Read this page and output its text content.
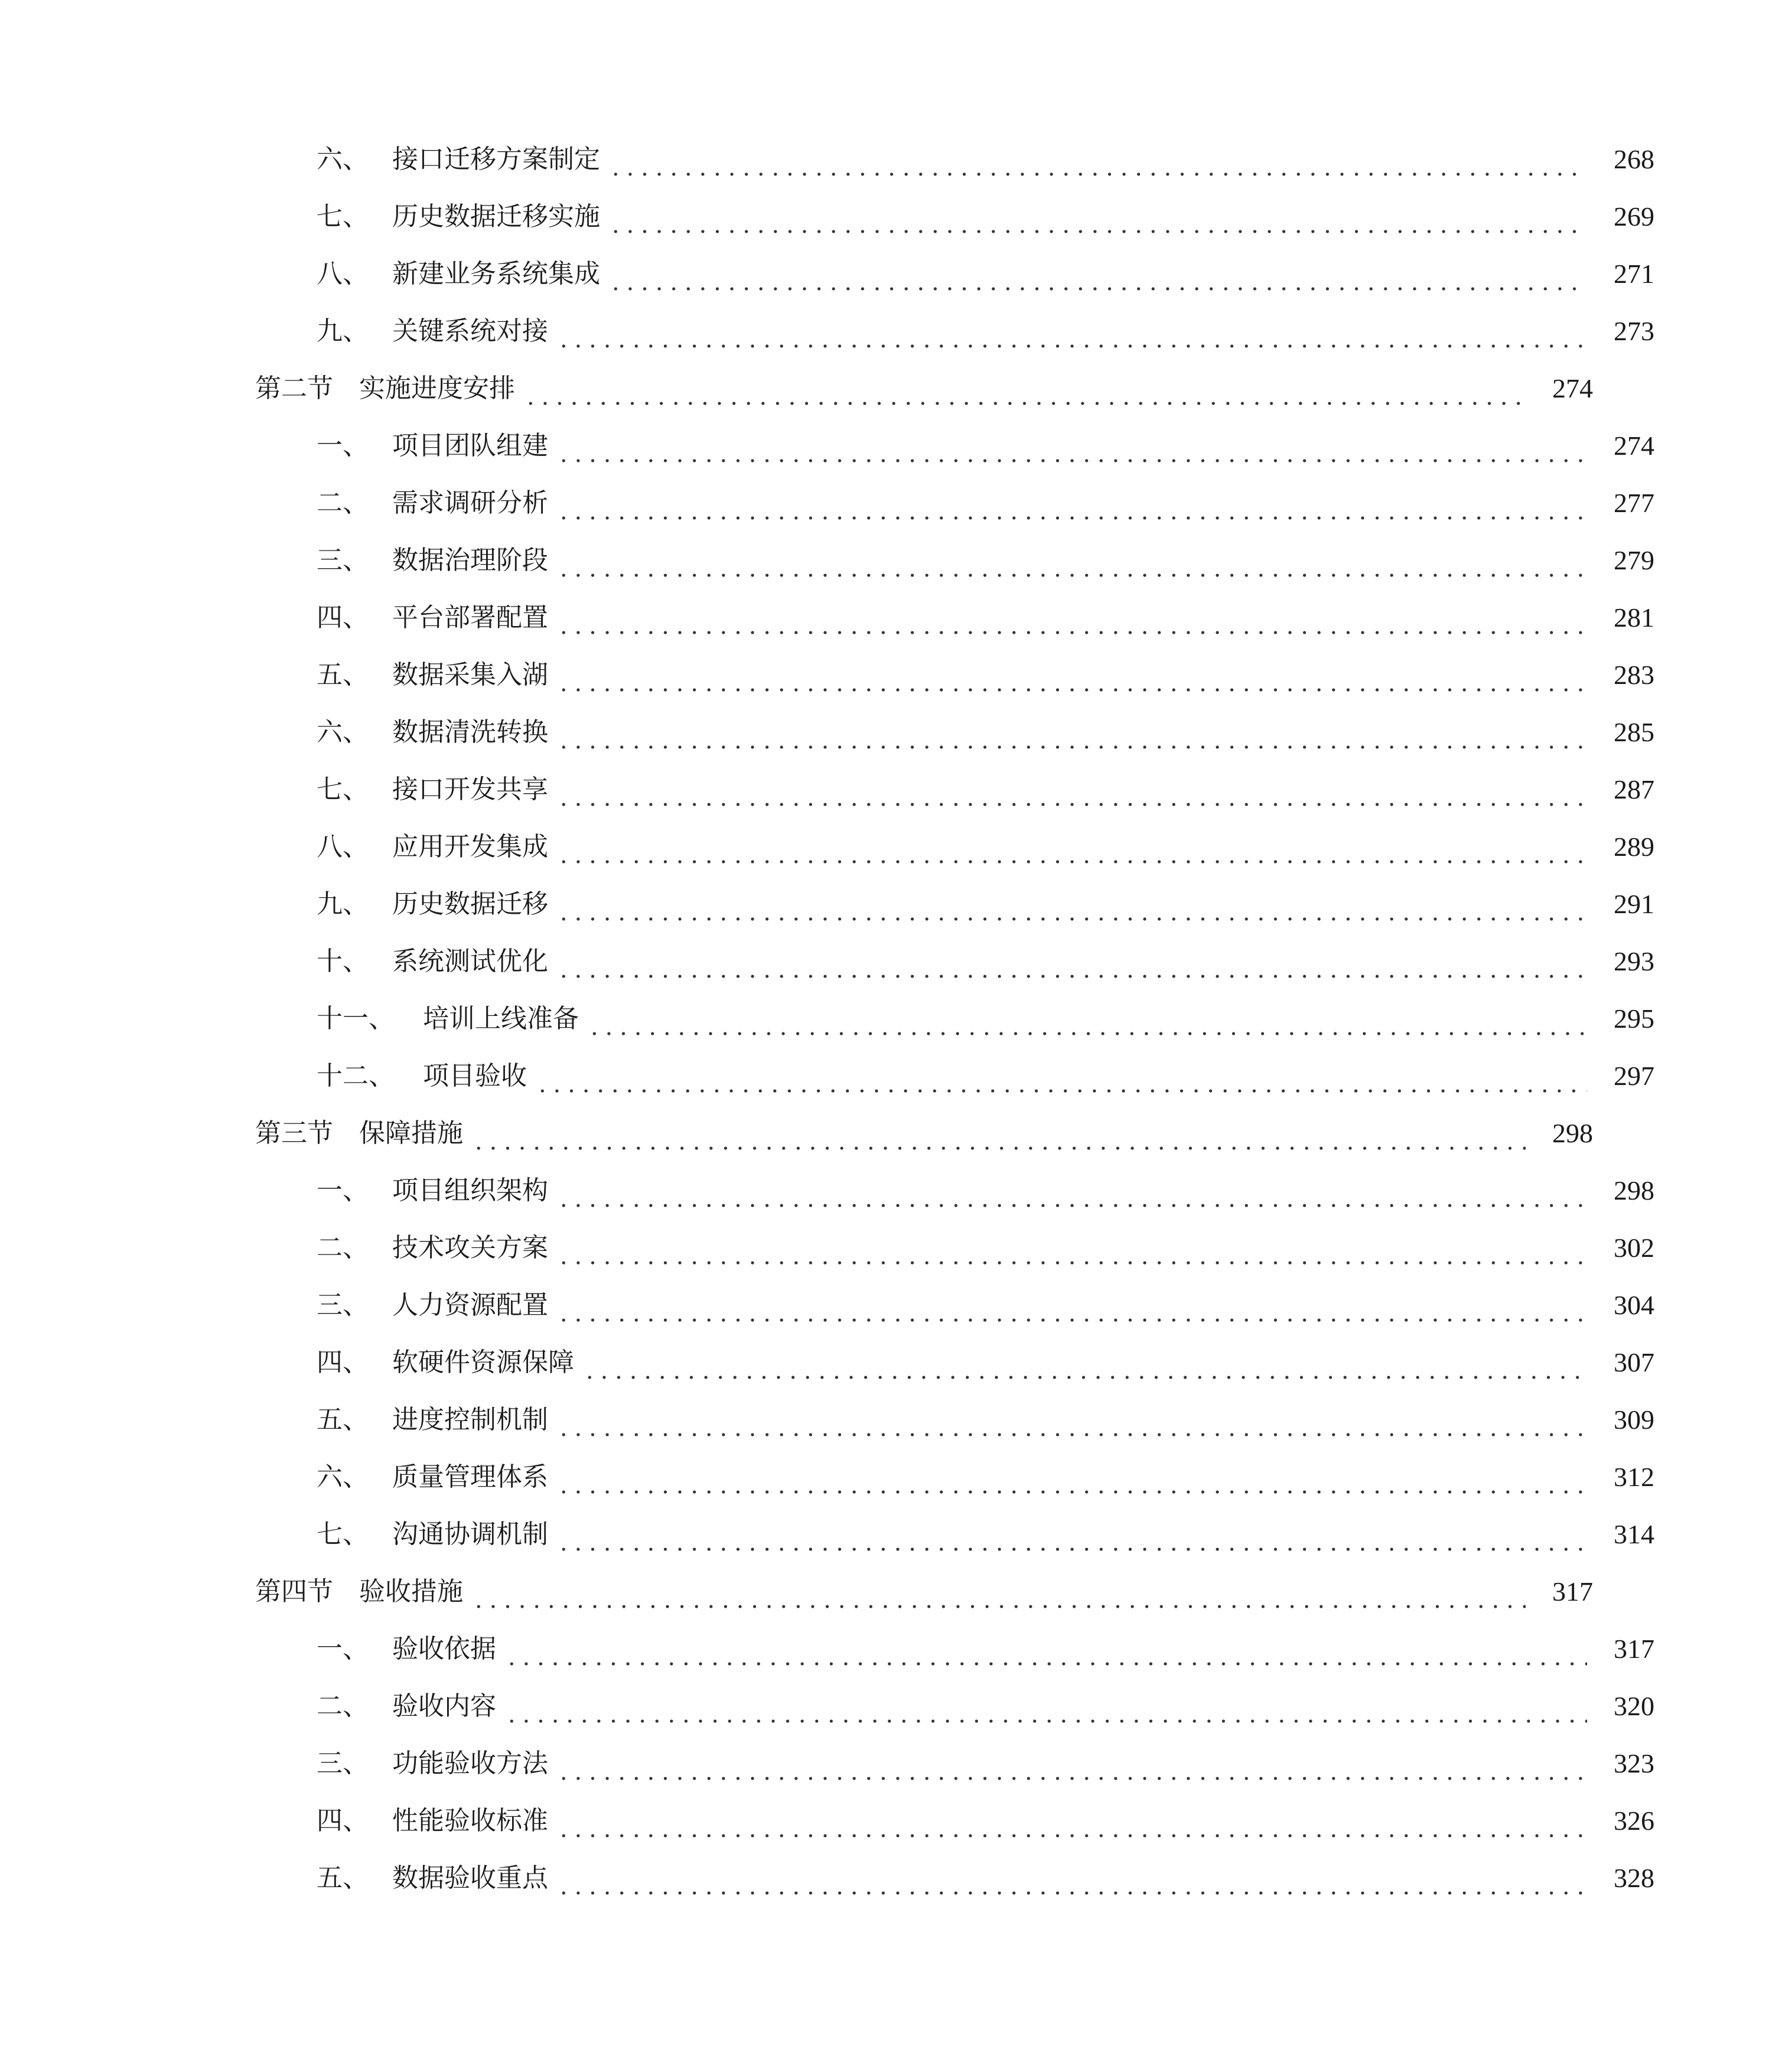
六、 接口迁移方案制定	268
七、 历史数据迁移实施	269
八、 新建业务系统集成	271
九、 关键系统对接	273
第二节	实施进度安排	274
一、 项目团队组建	274
二、 需求调研分析	277
三、 数据治理阶段	279
四、 平台部署配置	281
五、 数据采集入湖	283
六、 数据清洗转换	285
七、 接口开发共享	287
八、 应用开发集成	289
九、 历史数据迁移	291
十、 系统测试优化	293
十一、	培训上线准备	295
十二、	项目验收	297
第三节	保障措施	298
一、 项目组织架构	298
二、 技术攻关方案	302
三、 人力资源配置	304
四、 软硬件资源保障	307
五、 进度控制机制	309
六、 质量管理体系	312
七、 沟通协调机制	314
第四节	验收措施	317
一、 验收依据	317
二、 验收内容	320
三、 功能验收方法	323
四、 性能验收标准	326
五、 数据验收重点	328
